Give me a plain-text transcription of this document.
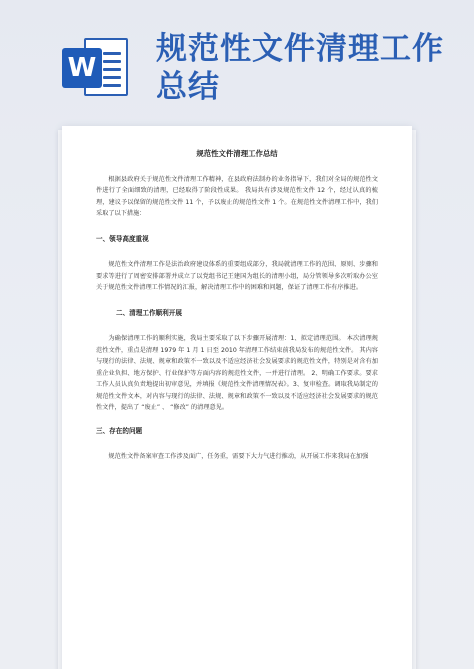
W
规范性文件清理工作总结
规范性文件清理工作总结
根据县政府关于规范性文件清理工作精神，在县政府法制办的业务指导下，我们对全局的规范性文件进行了全面细致的清理，已经取得了阶段性成果。 我局共有涉及规范性文件 12 个，经过认真的梳理，建议予以保留的规范性文件 11 个，予以废止的规范性文件 1 个。在规范性文件清理工作中，我们采取了以下措施：
一、领导高度重视
规范性文件清理工作是法治政府建设体系的重要组成部分，我局就清理工作的范围、原则、步骤和要求等进行了周密安排部署并成立了以党组书记王建国为组长的清理小组，局分管领导多次听取办公室关于规范性文件清理工作情况的汇报，解决清理工作中的困难和问题，保证了清理工作有序推进。
二、清理工作顺利开展
为确保清理工作的顺利实施，我局主要采取了以下步骤开展清理：1、拟定清理范围。 本次清理规范性文件，重点是清理 1979 年 1 月 1 日至 2010 年清理工作结束前我局发布的规范性文件。 其内容与现行的法律、法规、规章和政策不一致以及不适应经济社会发展要求的规范性文件，特别是对含有加重企业负担、地方保护、行业保护等方面内容的规范性文件，一并进行清理。 2、明确工作要求。要求工作人员认真负责地提出初审意见，并填报《规范性文件清理情况表》。3、复审检查。调取我局制定的规范性文件文本，对内容与现行的法律、法规、规章和政策不一致以及不适应经济社会发展要求的规范性文件，提出了 “废止” 、 “修改” 的清理意见。
三、存在的问题
规范性文件备案审查工作涉及面广，任务重，需要下大力气进行推动，从开展工作来我局在加强
